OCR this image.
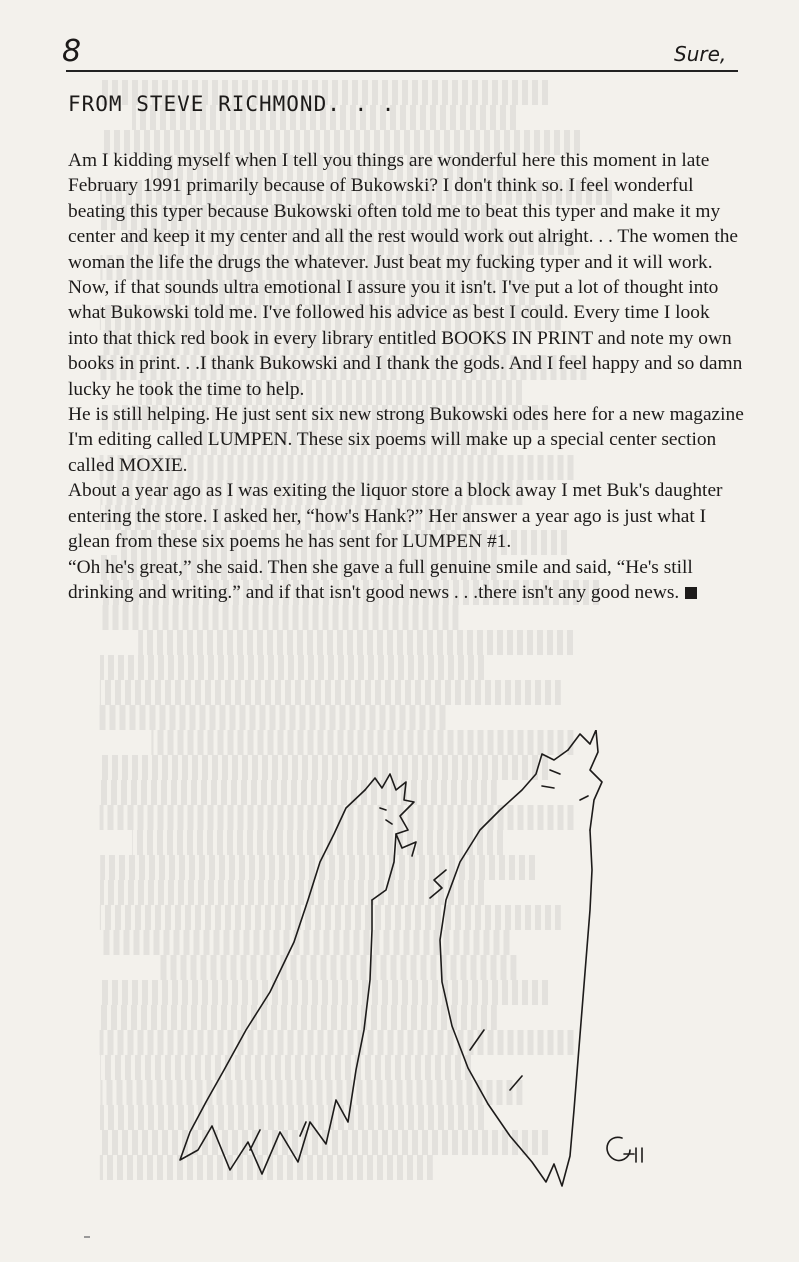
8	Sure,
FROM STEVE RICHMOND. . .

Am I kidding myself when I tell you things are wonderful here this moment in late February 1991 primarily because of Bukowski? I don't think so. I feel wonderful beating this typer because Bukowski often told me to beat this typer and make it my center and keep it my center and all the rest would work out alright. . . The women the woman the life the drugs the whatever. Just beat my fucking typer and it will work.

Now, if that sounds ultra emotional I assure you it isn't. I've put a lot of thought into what Bukowski told me. I've followed his advice as best I could. Every time I look into that thick red book in every library entitled BOOKS IN PRINT and note my own books in print. . .I thank Bukowski and I thank the gods. And I feel happy and so damn lucky he took the time to help.

He is still helping. He just sent six new strong Bukowski odes here for a new magazine I'm editing called LUMPEN. These six poems will make up a special center section called MOXIE.

About a year ago as I was exiting the liquor store a block away I met Buk's daughter entering the store. I asked her, “how's Hank?” Her answer a year ago is just what I glean from these six poems he has sent for LUMPEN #1.

“Oh he's great,” she said. Then she gave a full genuine smile and said, “He's still drinking and writing.” and if that isn't good news . . .there isn't any good news.
